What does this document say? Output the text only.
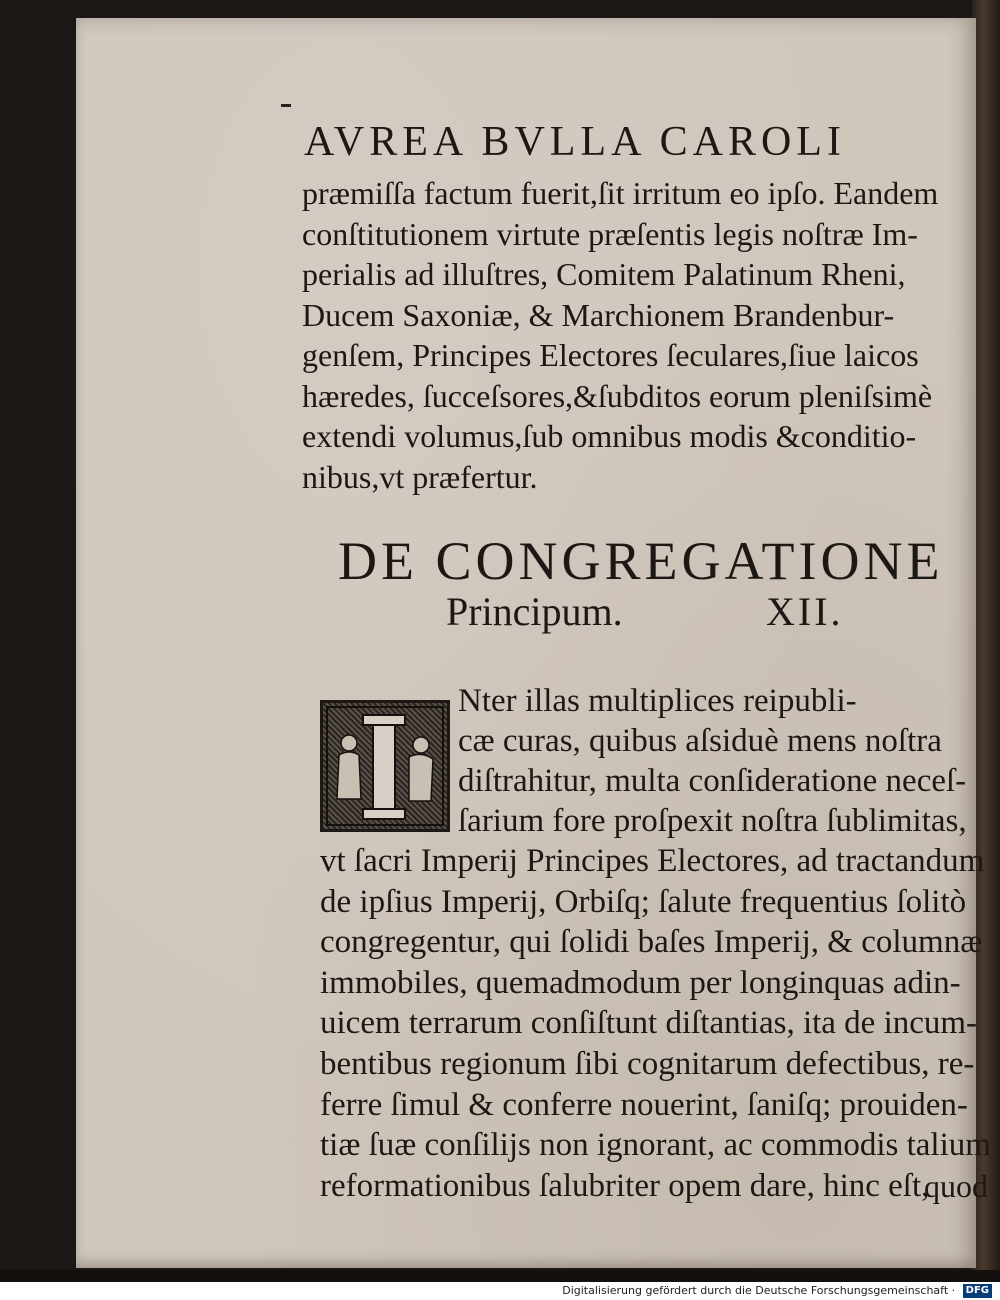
AVREA BVLLA CAROLI
præmiſſa factum fuerit,ſit irritum eo ipſo. Eandem
conſtitutionem virtute præſentis legis noſtræ Im-
perialis ad illuſtres, Comitem Palatinum Rheni,
Ducem Saxoniæ, & Marchionem Brandenbur-
genſem, Principes Electores ſeculares,ſiue laicos
hæredes, ſucceſsores,&ſubditos eorum pleniſsimè
extendi volumus,ſub omnibus modis &conditio-
nibus,vt præfertur.
DE CONGREGATIONE
Principum.	XII.
Nter illas multiplices reipubli-
cæ curas, quibus aſsiduè mens noſtra
diſtrahitur, multa conſideratione neceſ-
ſarium fore proſpexit noſtra ſublimitas,
vt ſacri Imperij Principes Electores, ad tractandum
de ipſius Imperij, Orbiſq; ſalute frequentius ſolitò
congregentur, qui ſolidi baſes Imperij, & columnæ
immobiles, quemadmodum per longinquas adin-
uicem terrarum conſiſtunt diſtantias, ita de incum-
bentibus regionum ſibi cognitarum defectibus, re-
ferre ſimul & conferre nouerint, ſaniſq; prouiden-
tiæ ſuæ conſilijs non ignorant, ac commodis talium
reformationibus ſalubriter opem dare, hinc eſt,
quod
Digitalisierung gefördert durch die Deutsche Forschungsgemeinschaft · DFG
